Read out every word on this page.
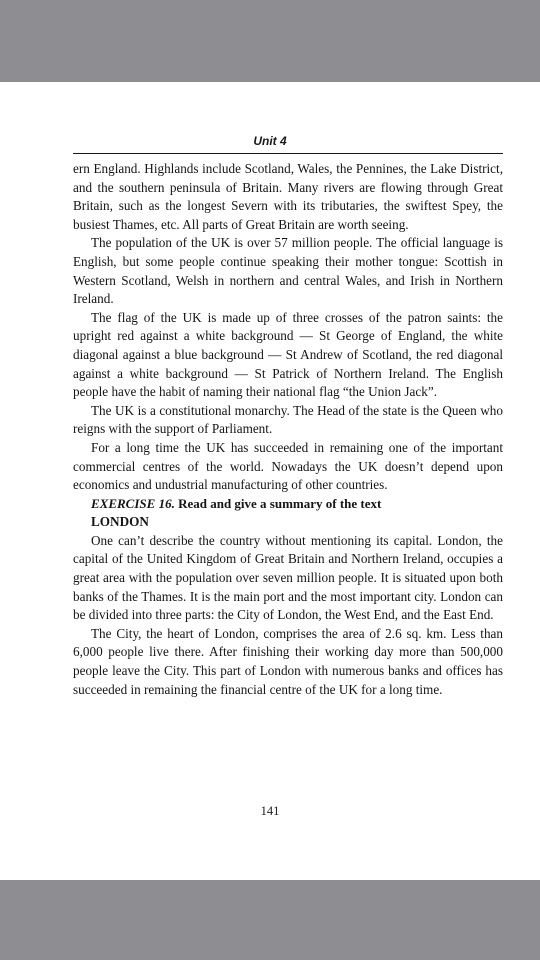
Unit 4

ern England. Highlands include Scotland, Wales, the Pennines, the Lake District, and the southern peninsula of Britain. Many rivers are flowing through Great Britain, such as the longest Severn with its tributaries, the swiftest Spey, the busiest Thames, etc. All parts of Great Britain are worth seeing.

The population of the UK is over 57 million people. The official language is English, but some people continue speaking their mother tongue: Scottish in Western Scotland, Welsh in northern and central Wales, and Irish in Northern Ireland.

The flag of the UK is made up of three crosses of the patron saints: the upright red against a white background — St George of England, the white diagonal against a blue background — St Andrew of Scotland, the red diagonal against a white background — St Patrick of Northern Ireland. The English people have the habit of naming their national flag “the Union Jack”.

The UK is a constitutional monarchy. The Head of the state is the Queen who reigns with the support of Parliament.

For a long time the UK has succeeded in remaining one of the important commercial centres of the world. Nowadays the UK doesn’t depend upon economics and undustrial manufacturing of other countries.

EXERCISE 16. Read and give a summary of the text

LONDON

One can’t describe the country without mentioning its capital. London, the capital of the United Kingdom of Great Britain and Northern Ireland, occupies a great area with the population over seven million people. It is situated upon both banks of the Thames. It is the main port and the most important city. London can be divided into three parts: the City of London, the West End, and the East End.

The City, the heart of London, comprises the area of 2.6 sq. km. Less than 6,000 people live there. After finishing their working day more than 500,000 people leave the City. This part of London with numerous banks and offices has succeeded in remaining the financial centre of the UK for a long time.

141
